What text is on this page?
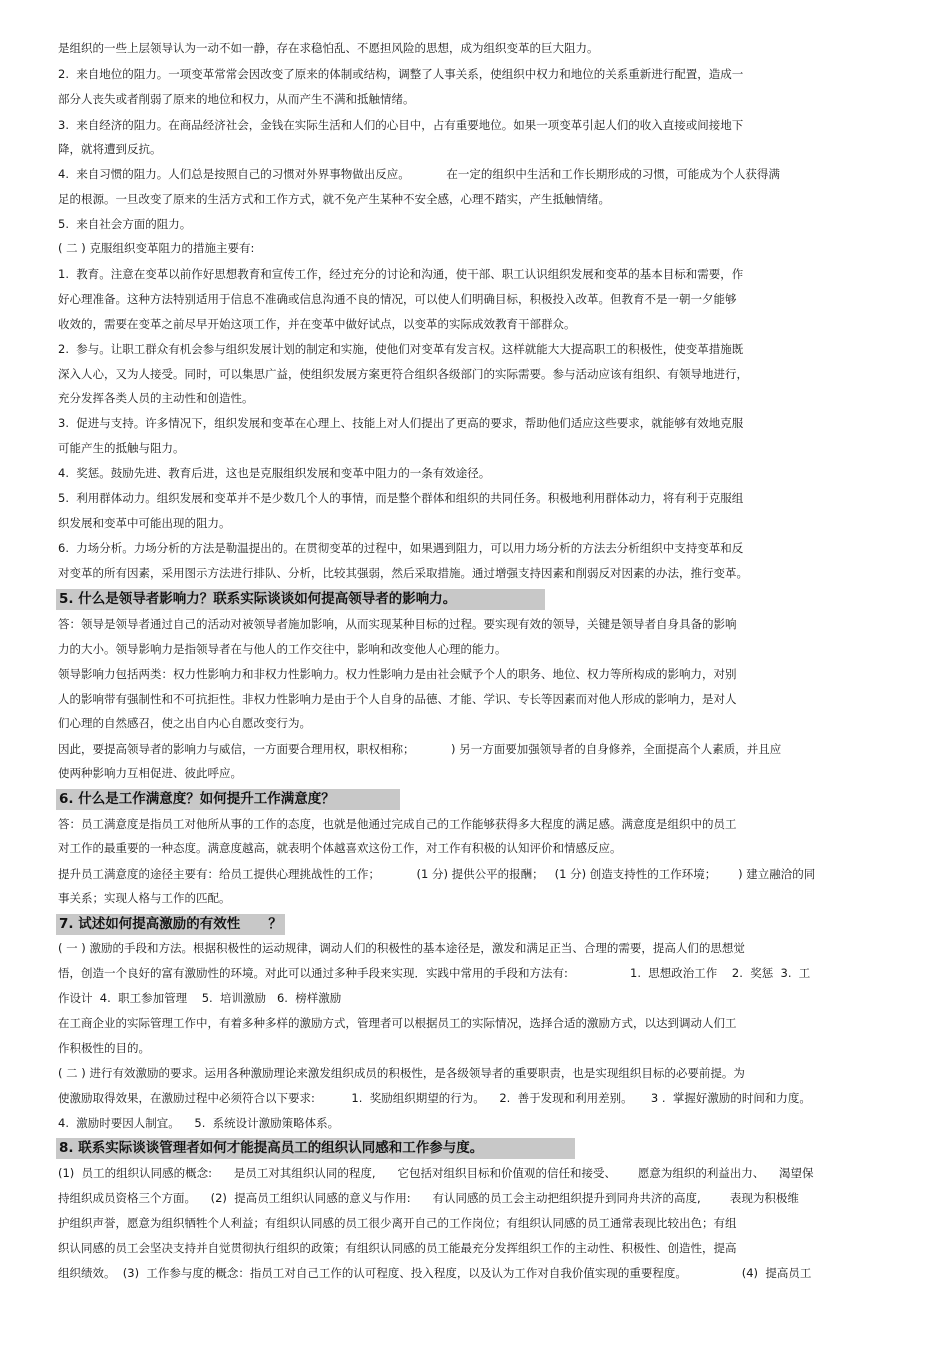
是组织的一些上层领导认为一动不如一静，存在求稳怕乱、不愿担风险的思想，成为组织变革的巨大阻力。
2.  来自地位的阻力。一项变革常常会因改变了原来的体制或结构，调整了人事关系，使组织中权力和地位的关系重新进行配置，造成一
部分人丧失或者削弱了原来的地位和权力，从而产生不满和抵触情绪。
3.  来自经济的阻力。在商品经济社会，金钱在实际生活和人们的心目中，占有重要地位。如果一项变革引起人们的收入直接或间接地下
降，就将遭到反抗。
4.  来自习惯的阻力。人们总是按照自己的习惯对外界事物做出反应。          在一定的组织中生活和工作长期形成的习惯，可能成为个人获得满
足的根源。一旦改变了原来的生活方式和工作方式，就不免产生某种不安全感，心理不踏实，产生抵触情绪。
5.  来自社会方面的阻力。
( 二 ) 克服组织变革阻力的措施主要有:
1.  教育。注意在变革以前作好思想教育和宣传工作，经过充分的讨论和沟通，使干部、职工认识组织发展和变革的基本目标和需要，作
好心理准备。这种方法特别适用于信息不准确或信息沟通不良的情况，可以使人们明确目标，积极投入改革。但教育不是一朝一夕能够
收效的，需要在变革之前尽早开始这项工作，并在变革中做好试点，以变革的实际成效教育干部群众。
2.  参与。让职工群众有机会参与组织发展计划的制定和实施，使他们对变革有发言权。这样就能大大提高职工的积极性，使变革措施既
深入人心，又为人接受。同时，可以集思广益，使组织发展方案更符合组织各级部门的实际需要。参与活动应该有组织、有领导地进行，
充分发挥各类人员的主动性和创造性。
3.  促进与支持。许多情况下，组织发展和变革在心理上、技能上对人们提出了更高的要求，帮助他们适应这些要求，就能够有效地克服
可能产生的抵触与阻力。
4.  奖惩。鼓励先进、教育后进，这也是克服组织发展和变革中阻力的一条有效途径。
5.  利用群体动力。组织发展和变革并不是少数几个人的事情，而是整个群体和组织的共同任务。积极地利用群体动力，将有利于克服组
织发展和变革中可能出现的阻力。
6.  力场分析。力场分析的方法是勒温提出的。在贯彻变革的过程中，如果遇到阻力，可以用力场分析的方法去分析组织中支持变革和反
对变革的所有因素，采用图示方法进行排队、分析，比较其强弱，然后采取措施。通过增强支持因素和削弱反对因素的办法，推行变革。
5. 什么是领导者影响力？联系实际谈谈如何提高领导者的影响力。
答：领导是领导者通过自己的活动对被领导者施加影响，从而实现某种目标的过程。要实现有效的领导，关键是领导者自身具备的影响
力的大小。领导影响力是指领导者在与他人的工作交往中，影响和改变他人心理的能力。
领导影响力包括两类：权力性影响力和非权力性影响力。权力性影响力是由社会赋予个人的职务、地位、权力等所构成的影响力，对别
人的影响带有强制性和不可抗拒性。非权力性影响力是由于个人自身的品德、才能、学识、专长等因素而对他人形成的影响力，是对人
们心理的自然感召，使之出自内心自愿改变行为。
因此，要提高领导者的影响力与威信，一方面要合理用权，职权相称；          ) 另一方面要加强领导者的自身修养，全面提高个人素质，并且应
使两种影响力互相促进、彼此呼应。
6. 什么是工作满意度？如何提升工作满意度？
答：员工满意度是指员工对他所从事的工作的态度，也就是他通过完成自己的工作能够获得多大程度的满足感。满意度是组织中的员工
对工作的最重要的一种态度。满意度越高，就表明个体越喜欢这份工作，对工作有积极的认知评价和情感反应。
提升员工满意度的途径主要有：给员工提供心理挑战性的工作；          (1 分) 提供公平的报酬；   (1 分) 创造支持性的工作环境；      ) 建立融洽的同
事关系；实现人格与工作的匹配。
7. 试述如何提高激励的有效性      ？
( 一 ) 激励的手段和方法。根据积极性的运动规律，调动人们的积极性的基本途径是，激发和满足正当、合理的需要，提高人们的思想觉
悟，创造一个良好的富有激励性的环境。对此可以通过多种手段来实现．实践中常用的手段和方法有:                 1.  思想政治工作    2.  奖惩  3.  工
作设计  4.  职工参加管理    5.  培训激励   6.  榜样激励
在工商企业的实际管理工作中，有着多种多样的激励方式，管理者可以根据员工的实际情况，选择合适的激励方式，以达到调动人们工
作积极性的目的。
( 二 ) 进行有效激励的要求。运用各种激励理论来激发组织成员的积极性，是各级领导者的重要职责，也是实现组织目标的必要前提。为
使激励取得效果，在激励过程中必须符合以下要求:          1.  奖励组织期望的行为。    2.  善于发现和利用差别。     3 .  掌握好激励的时间和力度。
4.  激励时要因人制宜。    5.  系统设计激励策略体系。
8. 联系实际谈谈管理者如何才能提高员工的组织认同感和工作参与度。
(1)  员工的组织认同感的概念:      是员工对其组织认同的程度,      它包括对组织目标和价值观的信任和接受、      愿意为组织的利益出力、    渴望保
持组织成员资格三个方面。    (2)  提高员工组织认同感的意义与作用:      有认同感的员工会主动把组织提升到同舟共济的高度,        表现为积极维
护组织声誉，愿意为组织牺牲个人利益；有组织认同感的员工很少离开自己的工作岗位；有组织认同感的员工通常表现比较出色；有组
织认同感的员工会坚决支持并自觉贯彻执行组织的政策；有组织认同感的员工能最充分发挥组织工作的主动性、积极性、创造性，提高
组织绩效。  (3)  工作参与度的概念：指员工对自己工作的认可程度、投入程度，以及认为工作对自我价值实现的重要程度。               (4)  提高员工
